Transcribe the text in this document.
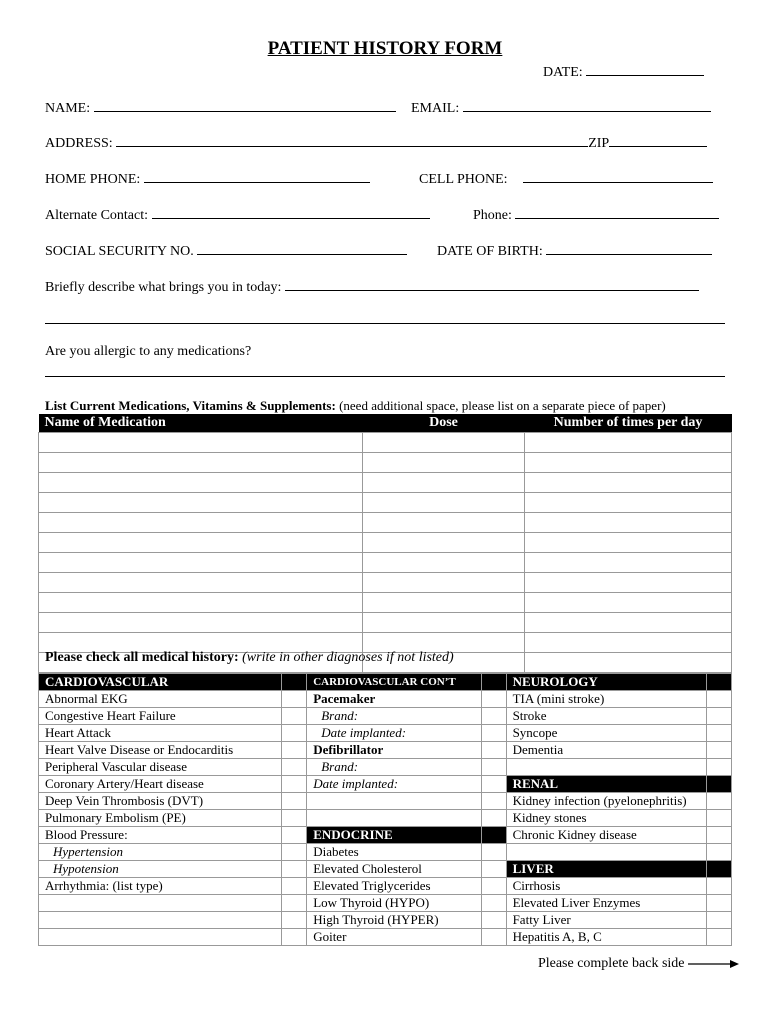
PATIENT HISTORY FORM
DATE:
NAME:	EMAIL:
ADDRESS:	ZIP
HOME PHONE:	CELL PHONE:
Alternate Contact:	Phone:
SOCIAL SECURITY NO.	DATE OF BIRTH:
Briefly describe what brings you in today:
Are you allergic to any medications?
List Current Medications, Vitamins & Supplements: (need additional space, please list on a separate piece of paper)
Name of Medication	Dose	Number of times per day

Please check all medical history: (write in other diagnoses if not listed)
CARDIOVASCULAR		CARDIOVASCULAR CON’T		NEUROLOGY	
Abnormal EKG		Pacemaker		TIA (mini stroke)	
Congestive Heart Failure		Brand:		Stroke	
Heart Attack		Date implanted:		Syncope	
Heart Valve Disease or Endocarditis		Defibrillator		Dementia	
Peripheral Vascular disease		Brand:			
Coronary Artery/Heart disease		Date implanted:		RENAL	
Deep Vein Thrombosis (DVT)				Kidney infection (pyelonephritis)	
Pulmonary Embolism (PE)				Kidney stones	
Blood Pressure:		ENDOCRINE		Chronic Kidney disease	
Hypertension		Diabetes			
Hypotension		Elevated Cholesterol		LIVER	
Arrhythmia: (list type)		Elevated Triglycerides		Cirrhosis	
		Low Thyroid (HYPO)		Elevated Liver Enzymes	
		High Thyroid (HYPER)		Fatty Liver	
		Goiter		Hepatitis A, B, C	
Please complete back side
